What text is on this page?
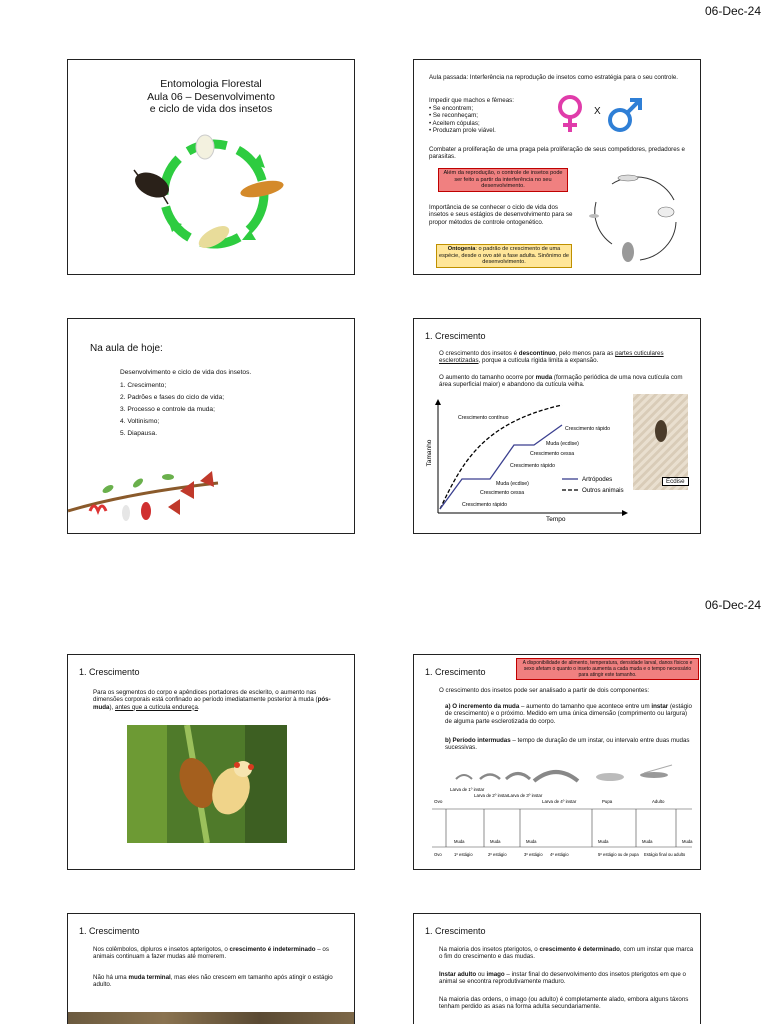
06-Dec-24
06-Dec-24
Entomologia Florestal
Aula 06 – Desenvolvimento
e ciclo de vida dos insetos
Aula passada: Interferência na reprodução de insetos como estratégia para o seu controle.
Impedir que machos e fêmeas:
• Se encontrem;
• Se reconheçam;
• Aceitem cópulas;
• Produzam prole viável.
X
Combater a proliferação de uma praga pela proliferação de seus competidores, predadores e parasitas.
Além da reprodução, o controle de insetos pode ser feito a partir da interferência no seu desenvolvimento.
Importância de se conhecer o ciclo de vida dos insetos e seus estágios de desenvolvimento para se propor métodos de controle ontogenético.
Ontogenia: o padrão de crescimento de uma espécie, desde o ovo até a fase adulta. Sinônimo de desenvolvimento.
Na aula de hoje:
Desenvolvimento e ciclo de vida dos insetos.
1. Crescimento;
2. Padrões e fases do ciclo de vida;
3. Processo e controle da muda;
4. Voltinismo;
5. Diapausa.
1. Crescimento
O crescimento dos insetos é descontínuo, pelo menos para as partes cuticulares esclerotizadas, porque a cutícula rígida limita a expansão.
O aumento do tamanho ocorre por muda (formação periódica de uma nova cutícula com área superficial maior) e abandono da cutícula velha.
Tamanho
Tempo
Crescimento contínuo
Crescimento rápido
Muda (ecdise)
Crescimento cessa
Crescimento rápido
Muda (ecdise)
Crescimento cessa
Crescimento rápido
Artrópodes
Outros animais
Ecdise
1. Crescimento
Para os segmentos do corpo e apêndices portadores de esclerito, o aumento nas dimensões corporais está confinado ao período imediatamente posterior à muda (pós-muda), antes que a cutícula endureça.
1. Crescimento
A disponibilidade de alimento, temperatura, densidade larval, danos físicos e sexo afetam o quanto o inseto aumenta a cada muda e o tempo necessário para atingir este tamanho.
O crescimento dos insetos pode ser analisado a partir de dois componentes:
a) O incremento da muda – aumento do tamanho que acontece entre um instar (estágio de crescimento) e o próximo. Medido em uma única dimensão (comprimento ou largura) de alguma parte esclerotizada do corpo.
b) Período intermudas – tempo de duração de um instar, ou intervalo entre duas mudas sucessivas.
Ovo
Larva de 1º instar
Larva de 2º instar Larva de 3º instar
Larva de 4º instar	Pupa	Adulto
Muda	Muda	Muda	Muda	Muda	Muda
Ovo	1º estágio	2º estágio	3º estágio 4º estágio	5º estágio ou de pupa Estágio final ou adulto
1. Crescimento
Nos colêmbolos, dipluros e insetos apterigotos, o crescimento é indeterminado – os animais continuam a fazer mudas até morrerem.
Não há uma muda terminal, mas eles não crescem em tamanho após atingir o estágio adulto.
1. Crescimento
Na maioria dos insetos pterigotos, o crescimento é determinado, com um instar que marca o fim do crescimento e das mudas.
Instar adulto ou imago – instar final do desenvolvimento dos insetos pterigotos em que o animal se encontra reprodutivamente maduro.
Na maioria das ordens, o imago (ou adulto) é completamente alado, embora alguns táxons tenham perdido as asas na forma adulta secundariamente.
